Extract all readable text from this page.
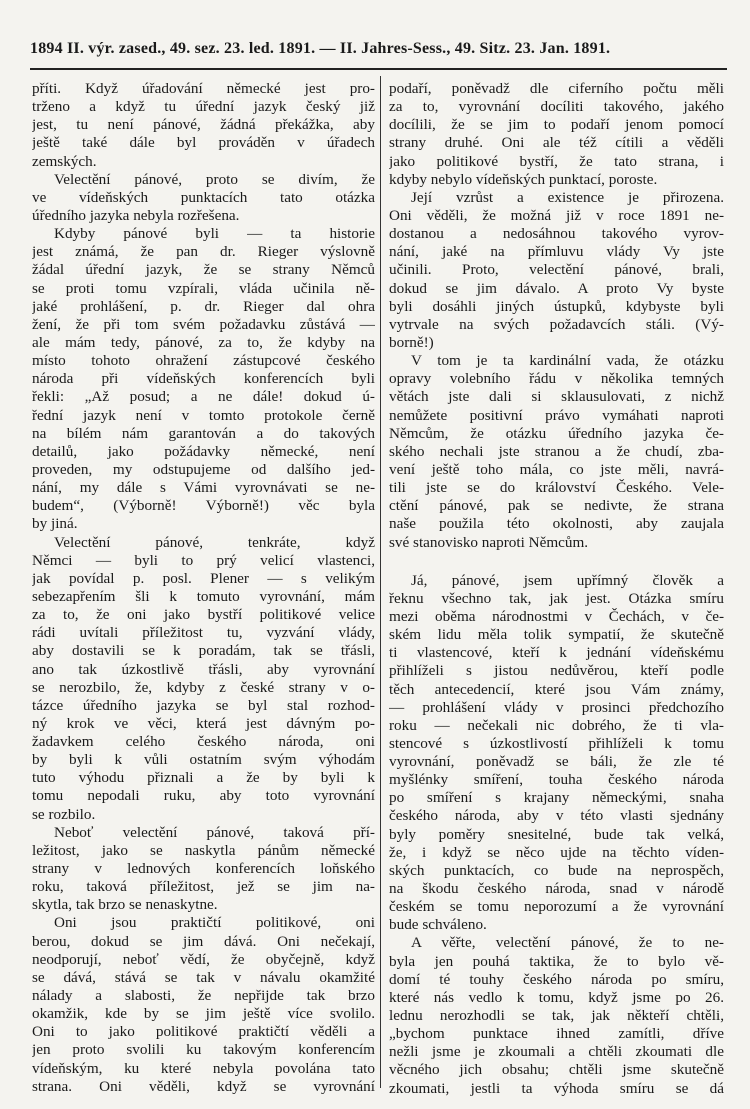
1894 II. výr. zased., 49. sez. 23. led. 1891. — II. Jahres-Sess., 49. Sitz. 23. Jan. 1891.
příti. Když úřadování německé jest pro-
trženo a když tu úřední jazyk český již
jest, tu není pánové, žádná překážka, aby
ještě také dále byl prováděn v úřadech
zemských.
Velectění pánové, proto se divím, že
ve vídeňských punktacích tato otázka
úředního jazyka nebyla rozřešena.
Kdyby pánové byli — ta historie
jest známá, že pan dr. Rieger výslovně
žádal úřední jazyk, že se strany Němců
se proti tomu vzpírali, vláda učinila ně-
jaké prohlášení, p. dr. Rieger dal ohra
žení, že při tom svém požadavku zůstává —
ale mám tedy, pánové, za to, že kdyby na
místo tohoto ohražení zástupcové českého
národa při vídeňských konferencích byli
řekli: „Až posud; a ne dále! dokud ú-
řední jazyk není v tomto protokole černě
na bílém nám garantován a do takových
detailů, jako požádavky německé, není
proveden, my odstupujeme od dalšího jed-
nání, my dále s Vámi vyrovnávati se ne-
budem“, (Výborně! Výborně!) věc byla
by jiná.
Velectění pánové, tenkráte, když
Němci — byli to prý velicí vlastenci,
jak povídal p. posl. Plener — s velikým
sebezapřením šli k tomuto vyrovnání, mám
za to, že oni jako bystří politikové velice
rádi uvítali příležitost tu, vyzvání vlády,
aby dostavili se k poradám, tak se třásli,
ano tak úzkostlivě třásli, aby vyrovnání
se nerozbilo, že, kdyby z české strany v o-
tázce úředního jazyka se byl stal rozhod-
ný krok ve věci, která jest dávným po-
žadavkem celého českého národa, oni
by byli k vůli ostatním svým výhodám
tuto výhodu přiznali a že by byli k
tomu nepodali ruku, aby toto vyrovnání
se rozbilo.
Neboť velectění pánové, taková pří-
ležitost, jako se naskytla pánům německé
strany v lednových konferencích loňského
roku, taková příležitost, jež se jim na-
skytla, tak brzo se nenaskytne.
Oni jsou praktičtí politikové, oni
berou, dokud se jim dává. Oni nečekají,
neodporují, neboť vědí, že obyčejně, když
se dává, stává se tak v návalu okamžité
nálady a slabosti, že nepřijde tak brzo
okamžik, kde by se jim ještě více svolilo.
Oni to jako politikové praktičtí věděli a
jen proto svolili ku takovým konferencím
vídeňským, ku které nebyla povolána tato
strana. Oni věděli, když se vyrovnání
podaří, poněvadž dle ciferního počtu měli
za to, vyrovnání docíliti takového, jakého
docílili, že se jim to podaří jenom pomocí
strany druhé. Oni ale též cítili a věděli
jako politikové bystří, že tato strana, i
kdyby nebylo vídeňských punktací, poroste.
Její vzrůst a existence je přirozena.
Oni věděli, že možná již v roce 1891 ne-
dostanou a nedosáhnou takového vyrov-
nání, jaké na přímluvu vlády Vy jste
učinili. Proto, velectění pánové, brali,
dokud se jim dávalo. A proto Vy byste
byli dosáhli jiných ústupků, kdybyste byli
vytrvale na svých požadavcích stáli. (Vý-
borně!)
V tom je ta kardinální vada, že otázku
opravy volebního řádu v několika temných
větách jste dali si sklausulovati, z nichž
nemůžete positivní právo vymáhati naproti
Němcům, že otázku úředního jazyka če-
ského nechali jste stranou a že chudí, zba-
vení ještě toho mála, co jste měli, navrá-
tili jste se do království Českého. Vele-
ctění pánové, pak se nedivte, že strana
naše použila této okolnosti, aby zaujala
své stanovisko naproti Němcům.
Já, pánové, jsem upřímný člověk a
řeknu všechno tak, jak jest. Otázka smíru
mezi oběma národnostmi v Čechách, v če-
ském lidu měla tolik sympatií, že skutečně
ti vlastencové, kteří k jednání vídeňskému
přihlíželi s jistou nedůvěrou, kteří podle
těch antecedencií, které jsou Vám známy,
— prohlášení vlády v prosinci předchozího
roku — nečekali nic dobrého, že ti vla-
stencové s úzkostlivostí přihlíželi k tomu
vyrovnání, poněvadž se báli, že zle té
myšlénky smíření, touha českého národa
po smíření s krajany německými, snaha
českého národa, aby v této vlasti sjednány
byly poměry snesitelné, bude tak velká,
že, i když se něco ujde na těchto víden-
ských punktacích, co bude na neprospěch,
na škodu českého národa, snad v národě
českém se tomu neporozumí a že vyrovnání
bude schváleno.
A věřte, velectění pánové, že to ne-
byla jen pouhá taktika, že to bylo vě-
domí té touhy českého národa po smíru,
které nás vedlo k tomu, když jsme po 26.
lednu nerozhodli se tak, jak někteří chtěli,
„bychom punktace ihned zamítli, dříve
nežli jsme je zkoumali a chtěli zkoumati dle
věcného jich obsahu; chtěli jsme skutečně
zkoumati, jestli ta výhoda smíru se dá
